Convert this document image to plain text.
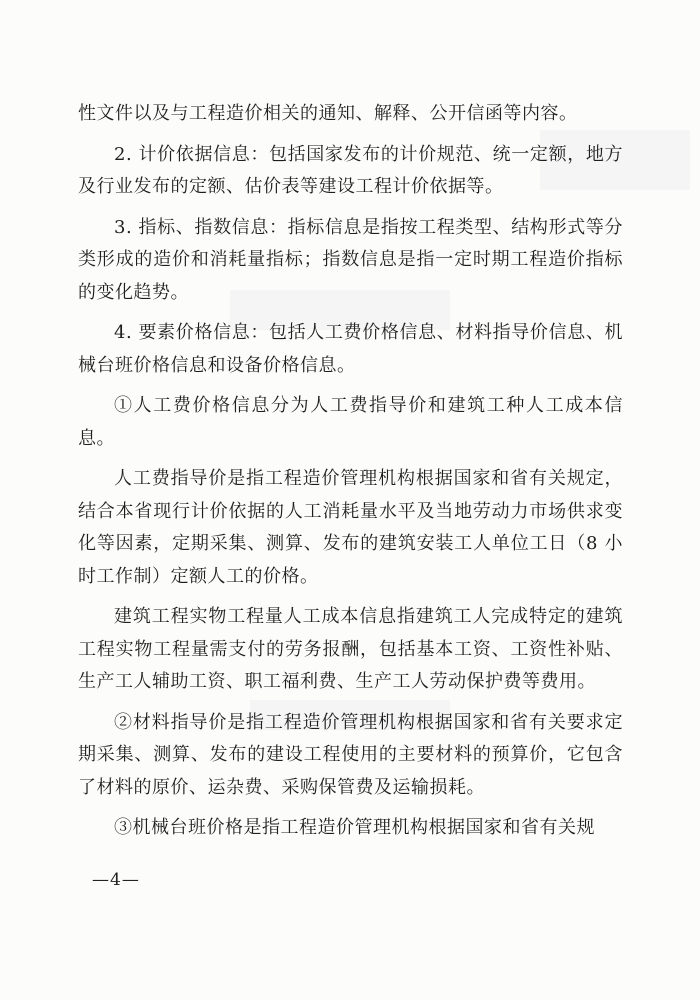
性文件以及与工程造价相关的通知、解释、公开信函等内容。

2. 计价依据信息：包括国家发布的计价规范、统一定额，地方及行业发布的定额、估价表等建设工程计价依据等。

3. 指标、指数信息：指标信息是指按工程类型、结构形式等分类形成的造价和消耗量指标；指数信息是指一定时期工程造价指标的变化趋势。

4. 要素价格信息：包括人工费价格信息、材料指导价信息、机械台班价格信息和设备价格信息。

①人工费价格信息分为人工费指导价和建筑工种人工成本信息。

人工费指导价是指工程造价管理机构根据国家和省有关规定，结合本省现行计价依据的人工消耗量水平及当地劳动力市场供求变化等因素，定期采集、测算、发布的建筑安装工人单位工日（8 小时工作制）定额人工的价格。

建筑工程实物工程量人工成本信息指建筑工人完成特定的建筑工程实物工程量需支付的劳务报酬，包括基本工资、工资性补贴、生产工人辅助工资、职工福利费、生产工人劳动保护费等费用。

②材料指导价是指工程造价管理机构根据国家和省有关要求定期采集、测算、发布的建设工程使用的主要材料的预算价，它包含了材料的原价、运杂费、采购保管费及运输损耗。

③机械台班价格是指工程造价管理机构根据国家和省有关规

—4—
